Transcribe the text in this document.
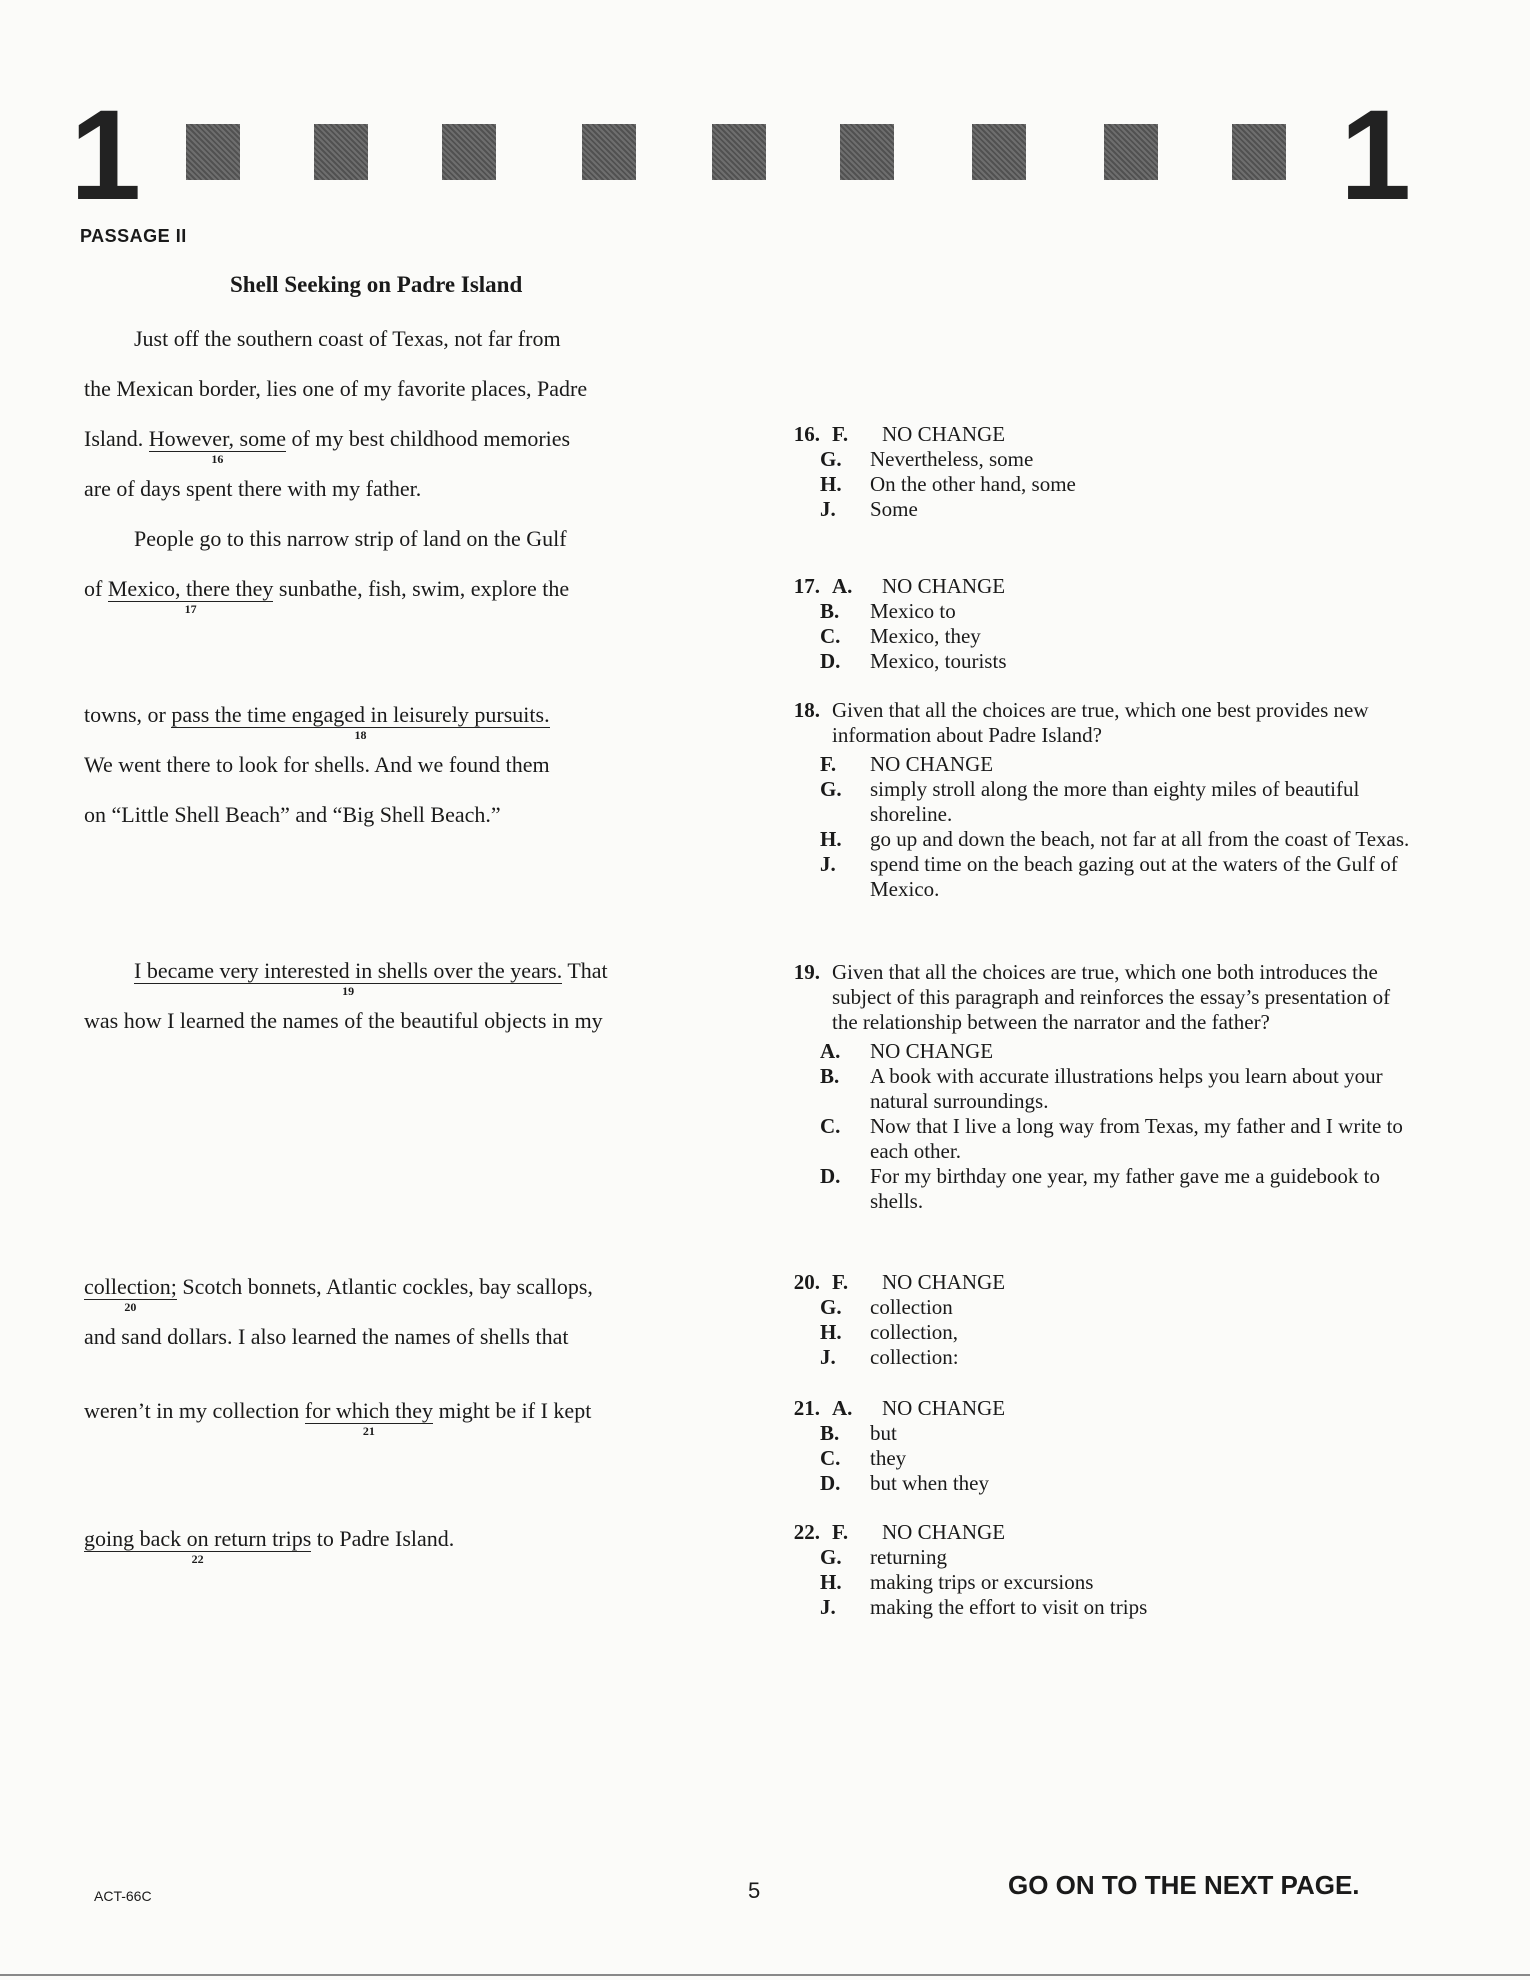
1	1
PASSAGE II
Shell Seeking on Padre Island
Just off the southern coast of Texas, not far from
the Mexican border, lies one of my favorite places, Padre
Island. However, some
16
of my best childhood memories
are of days spent there with my father.
People go to this narrow strip of land on the Gulf
of Mexico, there they
17
sunbathe, fish, swim, explore the
towns, or pass the time engaged in leisurely pursuits.
18
We went there to look for shells. And we found them
on “Little Shell Beach” and “Big Shell Beach.”
I became very interested in shells over the years.
19
That
was how I learned the names of the beautiful objects in my
collection;
20
Scotch bonnets, Atlantic cockles, bay scallops,
and sand dollars. I also learned the names of shells that
weren’t in my collection for which they
21
might be if I kept
going back on return trips
22
to Padre Island.
16. F.	NO CHANGE
G.	Nevertheless, some
H.	On the other hand, some
J.	Some
17. A.	NO CHANGE
B.	Mexico to
C.	Mexico, they
D.	Mexico, tourists
18. Given that all the choices are true, which one best provides new information about Padre Island?
F.	NO CHANGE
G.	simply stroll along the more than eighty miles of beautiful shoreline.
H.	go up and down the beach, not far at all from the coast of Texas.
J.	spend time on the beach gazing out at the waters of the Gulf of Mexico.
19. Given that all the choices are true, which one both introduces the subject of this paragraph and reinforces the essay’s presentation of the relationship between the narrator and the father?
A.	NO CHANGE
B.	A book with accurate illustrations helps you learn about your natural surroundings.
C.	Now that I live a long way from Texas, my father and I write to each other.
D.	For my birthday one year, my father gave me a guidebook to shells.
20. F.	NO CHANGE
G.	collection
H.	collection,
J.	collection:
21. A.	NO CHANGE
B.	but
C.	they
D.	but when they
22. F.	NO CHANGE
G.	returning
H.	making trips or excursions
J.	making the effort to visit on trips
ACT-66C	5	GO ON TO THE NEXT PAGE.
